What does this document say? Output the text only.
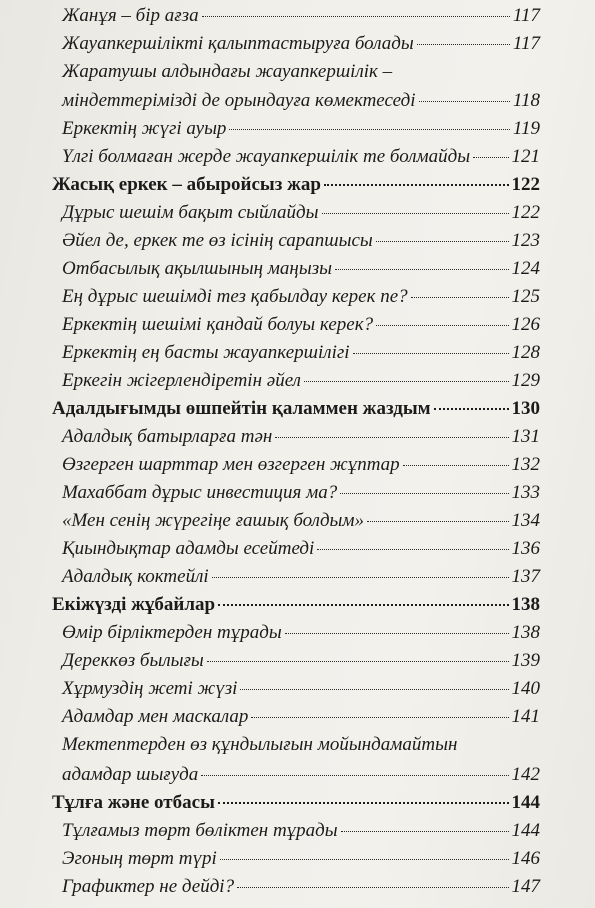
Жанұя – бір ағза	117
Жауапкершілікті қалыптастыруға болады	117
Жаратушы алдындағы жауапкершілік –
міндеттерімізді де орындауға көмектеседі	118
Еркектің жүгі ауыр	119
Үлгі болмаған жерде жауапкершілік те болмайды 121
Жасық еркек – абыройсыз жар	122
Дұрыс шешім бақыт сыйлайды	122
Әйел де, еркек те өз ісінің сарапшысы	123
Отбасылық ақылшының маңызы	124
Ең дұрыс шешімді тез қабылдау керек пе?	125
Еркектің шешімі қандай болуы керек?	126
Еркектің ең басты жауапкершілігі	128
Еркегін жігерлендіретін әйел	129
Адалдығымды өшпейтін қаламмен жаздым	130
Адалдық батырларға тән	131
Өзгерген шарттар мен өзгерген жұптар	132
Махаббат дұрыс инвестиция ма?	133
«Мен сенің жүрегіңе ғашық болдым»	134
Қиындықтар адамды есейтеді	136
Адалдық коктейлі	137
Екіжүзді жұбайлар	138
Өмір бірліктерден тұрады	138
Дереккөз былығы	139
Хұрмуздің жеті жүзі	140
Адамдар мен маскалар	141
Мектептерден өз құндылығын мойындамайтын
адамдар шығуда	142
Тұлға және отбасы	144
Тұлғамыз төрт бөліктен тұрады	144
Эгоның төрт түрі	146
Графиктер не дейді?	147
